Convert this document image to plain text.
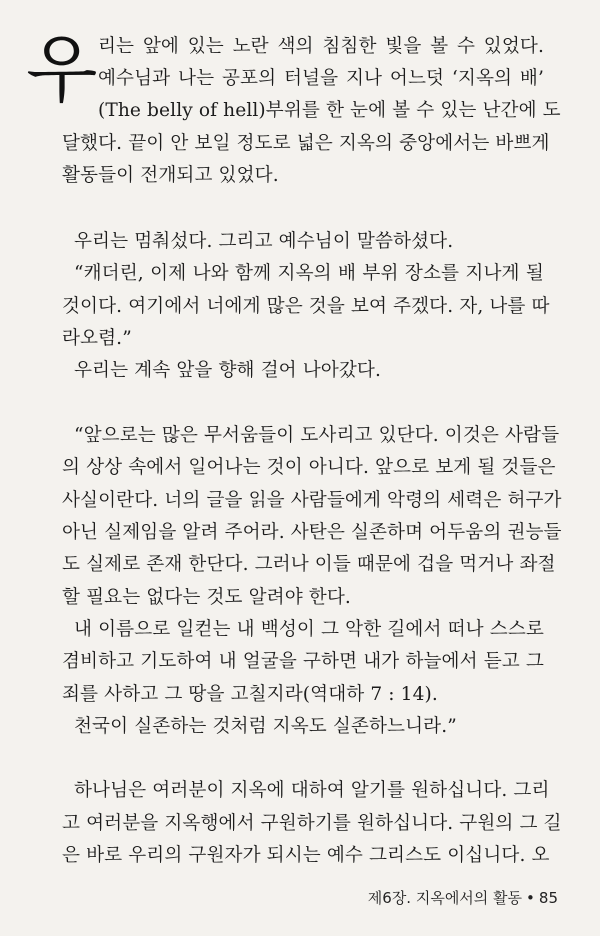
우 리는 앞에 있는 노란 색의 침침한 빛을 볼 수 있었다.
예수님과 나는 공포의 터널을 지나 어느덧 ‘지옥의 배’
(The belly of hell)부위를 한 눈에 볼 수 있는 난간에 도
달했다. 끝이 안 보일 정도로 넓은 지옥의 중앙에서는 바쁘게
활동들이 전개되고 있었다.
우리는 멈춰섰다. 그리고 예수님이 말씀하셨다.
“캐더린, 이제 나와 함께 지옥의 배 부위 장소를 지나게 될
것이다. 여기에서 너에게 많은 것을 보여 주겠다. 자, 나를 따
라오렴.”
우리는 계속 앞을 향해 걸어 나아갔다.
“앞으로는 많은 무서움들이 도사리고 있단다. 이것은 사람들
의 상상 속에서 일어나는 것이 아니다. 앞으로 보게 될 것들은
사실이란다. 너의 글을 읽을 사람들에게 악령의 세력은 허구가
아닌 실제임을 알려 주어라. 사탄은 실존하며 어두움의 권능들
도 실제로 존재 한단다. 그러나 이들 때문에 겁을 먹거나 좌절
할 필요는 없다는 것도 알려야 한다.
내 이름으로 일컫는 내 백성이 그 악한 길에서 떠나 스스로
겸비하고 기도하여 내 얼굴을 구하면 내가 하늘에서 듣고 그
죄를 사하고 그 땅을 고칠지라(역대하 7 : 14).
천국이 실존하는 것처럼 지옥도 실존하느니라.”
하나님은 여러분이 지옥에 대하여 알기를 원하십니다. 그리
고 여러분을 지옥행에서 구원하기를 원하십니다. 구원의 그 길
은 바로 우리의 구원자가 되시는 예수 그리스도 이십니다. 오
제6장. 지옥에서의 활동 • 85
